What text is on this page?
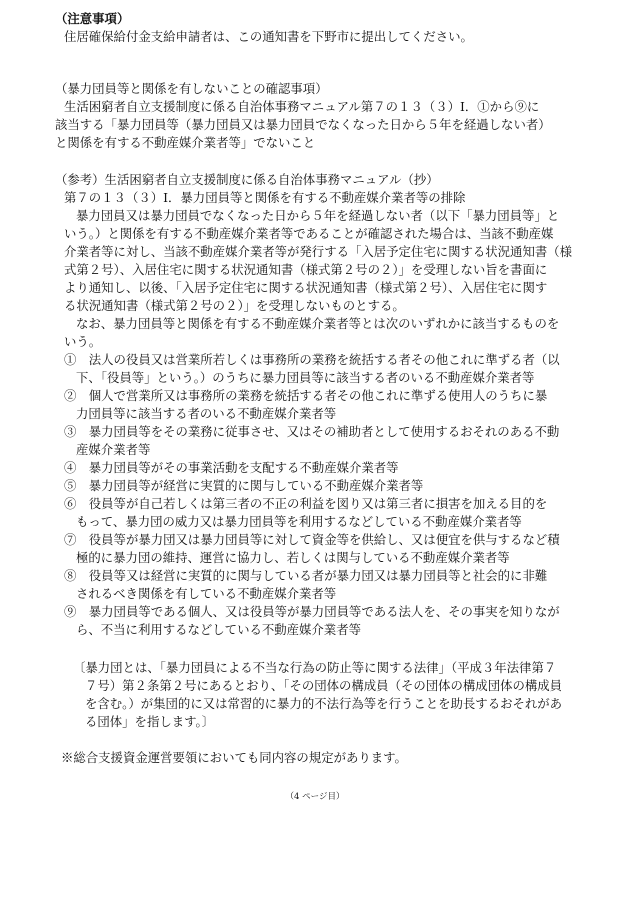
（注意事項）
住居確保給付金支給申請者は、この通知書を下野市に提出してください。
（暴力団員等と関係を有しないことの確認事項）
生活困窮者自立支援制度に係る自治体事務マニュアル第７の１３（３）Ⅰ．①から⑨に
該当する「暴力団員等（暴力団員又は暴力団員でなくなった日から５年を経過しない者）
と関係を有する不動産媒介業者等」でないこと
（参考）生活困窮者自立支援制度に係る自治体事務マニュアル（抄）
第７の１３（３）Ⅰ．暴力団員等と関係を有する不動産媒介業者等の排除
暴力団員又は暴力団員でなくなった日から５年を経過しない者（以下「暴力団員等」と
いう。）と関係を有する不動産媒介業者等であることが確認された場合は、当該不動産媒
介業者等に対し、当該不動産媒介業者等が発行する「入居予定住宅に関する状況通知書（様
式第２号）、入居住宅に関する状況通知書（様式第２号の２）」を受理しない旨を書面に
より通知し、以後、「入居予定住宅に関する状況通知書（様式第２号）、入居住宅に関す
る状況通知書（様式第２号の２）」を受理しないものとする。
なお、暴力団員等と関係を有する不動産媒介業者等とは次のいずれかに該当するものを
いう。
①　法人の役員又は営業所若しくは事務所の業務を統括する者その他これに準ずる者（以
下、「役員等」という。）のうちに暴力団員等に該当する者のいる不動産媒介業者等
②　個人で営業所又は事務所の業務を統括する者その他これに準ずる使用人のうちに暴
力団員等に該当する者のいる不動産媒介業者等
③　暴力団員等をその業務に従事させ、又はその補助者として使用するおそれのある不動
産媒介業者等
④　暴力団員等がその事業活動を支配する不動産媒介業者等
⑤　暴力団員等が経営に実質的に関与している不動産媒介業者等
⑥　役員等が自己若しくは第三者の不正の利益を図り又は第三者に損害を加える目的を
もって、暴力団の威力又は暴力団員等を利用するなどしている不動産媒介業者等
⑦　役員等が暴力団又は暴力団員等に対して資金等を供給し、又は便宜を供与するなど積
極的に暴力団の維持、運営に協力し、若しくは関与している不動産媒介業者等
⑧　役員等又は経営に実質的に関与している者が暴力団又は暴力団員等と社会的に非難
されるべき関係を有している不動産媒介業者等
⑨　暴力団員等である個人、又は役員等が暴力団員等である法人を、その事実を知りなが
ら、不当に利用するなどしている不動産媒介業者等
〔暴力団とは、「暴力団員による不当な行為の防止等に関する法律」（平成３年法律第７
７号）第２条第２号にあるとおり、「その団体の構成員（その団体の構成団体の構成員
を含む。）が集団的に又は常習的に暴力的不法行為等を行うことを助長するおそれがあ
る団体」を指します。〕
※総合支援資金運営要領においても同内容の規定があります。
（4 ページ目）
